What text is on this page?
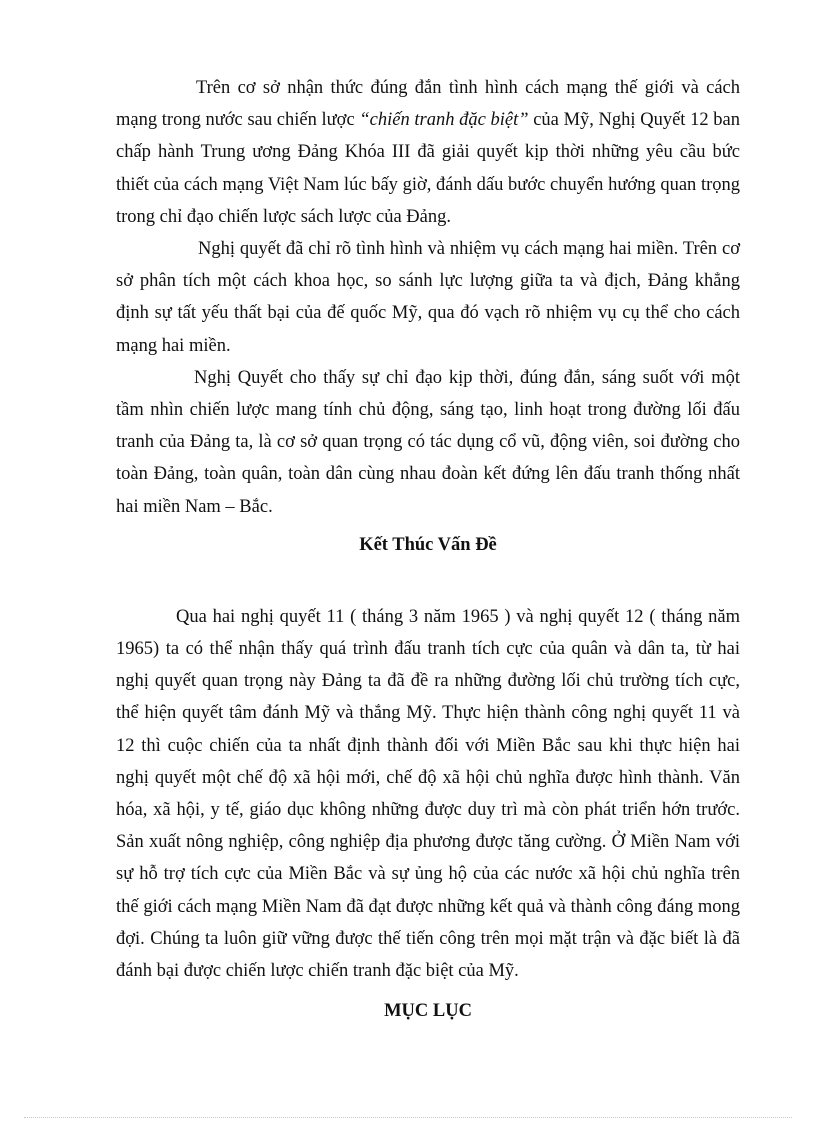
Trên cơ sở nhận thức đúng đắn tình hình cách mạng thế giới và cách mạng trong nước sau chiến lược “chiến tranh đặc biệt” của Mỹ, Nghị Quyết 12 ban chấp hành Trung ương Đảng Khóa III đã giải quyết kịp thời những yêu cầu bức thiết của cách mạng Việt Nam lúc bấy giờ, đánh dấu bước chuyển hướng quan trọng trong chỉ đạo chiến lược sách lược của Đảng.

Nghị quyết đã chỉ rõ tình hình và nhiệm vụ cách mạng hai miền. Trên cơ sở phân tích một cách khoa học, so sánh lực lượng giữa ta và địch, Đảng khẳng định sự tất yếu thất bại của đế quốc Mỹ, qua đó vạch rõ nhiệm vụ cụ thể cho cách mạng hai miền.

Nghị Quyết cho thấy sự chỉ đạo kịp thời, đúng đắn, sáng suốt với một tầm nhìn chiến lược mang tính chủ động, sáng tạo, linh hoạt trong đường lối đấu tranh của Đảng ta, là cơ sở quan trọng có tác dụng cổ vũ, động viên, soi đường cho toàn Đảng, toàn quân, toàn dân cùng nhau đoàn kết đứng lên đấu tranh thống nhất hai miền Nam – Bắc.

Kết Thúc Vấn Đề

Qua hai nghị quyết 11 ( tháng 3 năm 1965 ) và nghị quyết 12 ( tháng năm 1965) ta có thể nhận thấy quá trình đấu tranh tích cực của quân và dân ta, từ hai nghị quyết quan trọng này Đảng ta đã đề ra những đường lối chủ trường tích cực, thể hiện quyết tâm đánh Mỹ và thắng Mỹ. Thực hiện thành công nghị quyết 11 và 12 thì cuộc chiến của ta nhất định thành đối với Miền Bắc sau khi thực hiện hai nghị quyết một chế độ xã hội mới, chế độ xã hội chủ nghĩa được hình thành. Văn hóa, xã hội, y tế, giáo dục không những được duy trì mà còn phát triển hớn trước. Sản xuất nông nghiệp, công nghiệp địa phương được tăng cường. Ở Miền Nam với sự hỗ trợ tích cực của Miền Bắc và sự ủng hộ của các nước xã hội chủ nghĩa trên thế giới cách mạng Miền Nam đã đạt được những kết quả và thành công đáng mong đợi. Chúng ta luôn giữ vững được thế tiến công trên mọi mặt trận và đặc biết là đã đánh bại được chiến lược chiến tranh đặc biệt của Mỹ.

MỤC LỤC
